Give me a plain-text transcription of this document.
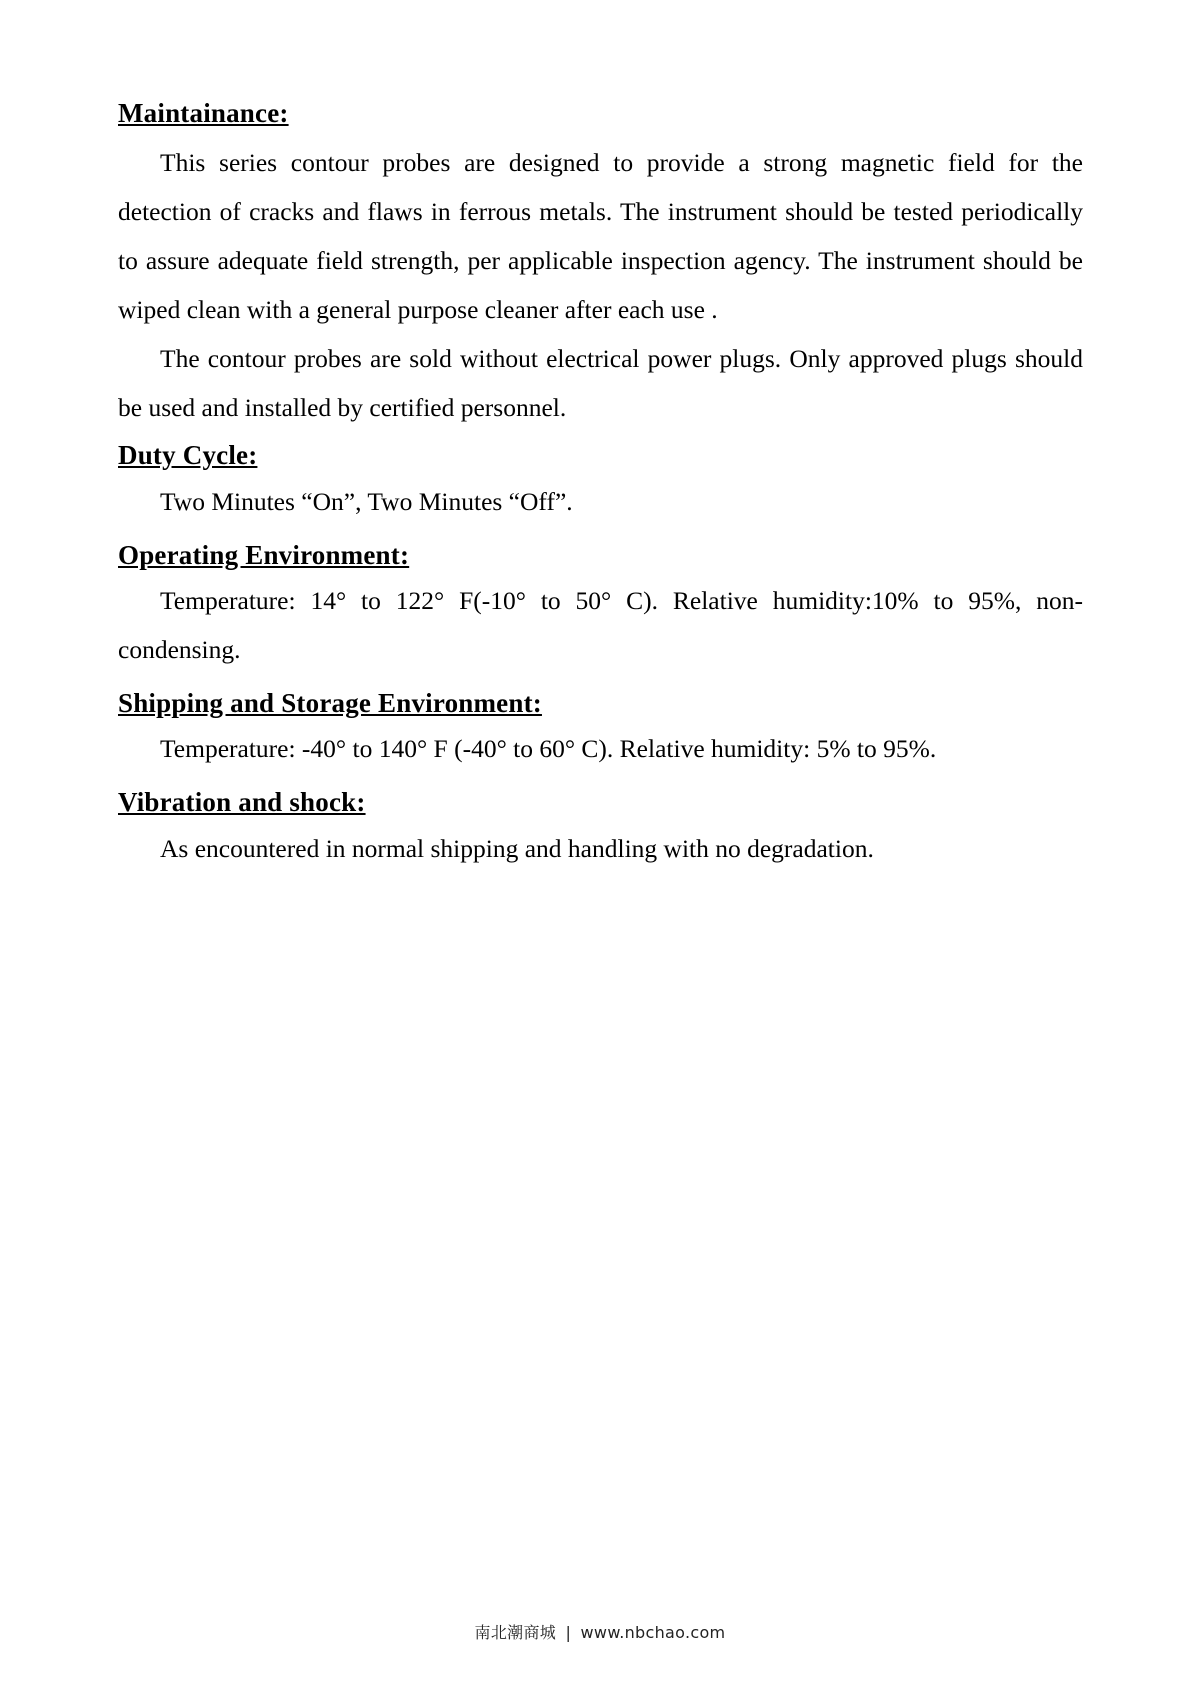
Maintainance:

This series contour probes are designed to provide a strong magnetic field for the detection of cracks and flaws in ferrous metals. The instrument should be tested periodically to assure adequate field strength, per applicable inspection agency. The instrument should be wiped clean with a general purpose cleaner after each use .

The contour probes are sold without electrical power plugs. Only approved plugs should be used and installed by certified personnel.

Duty Cycle:

Two Minutes “On”, Two Minutes “Off”.

Operating Environment:

Temperature: 14° to 122° F(-10° to 50° C). Relative humidity:10% to 95%, non-condensing.

Shipping and Storage Environment:

Temperature: -40° to 140° F (-40° to 60° C). Relative humidity: 5% to 95%.

Vibration and shock:

As encountered in normal shipping and handling with no degradation.

南北潮商城 | www.nbchao.com
